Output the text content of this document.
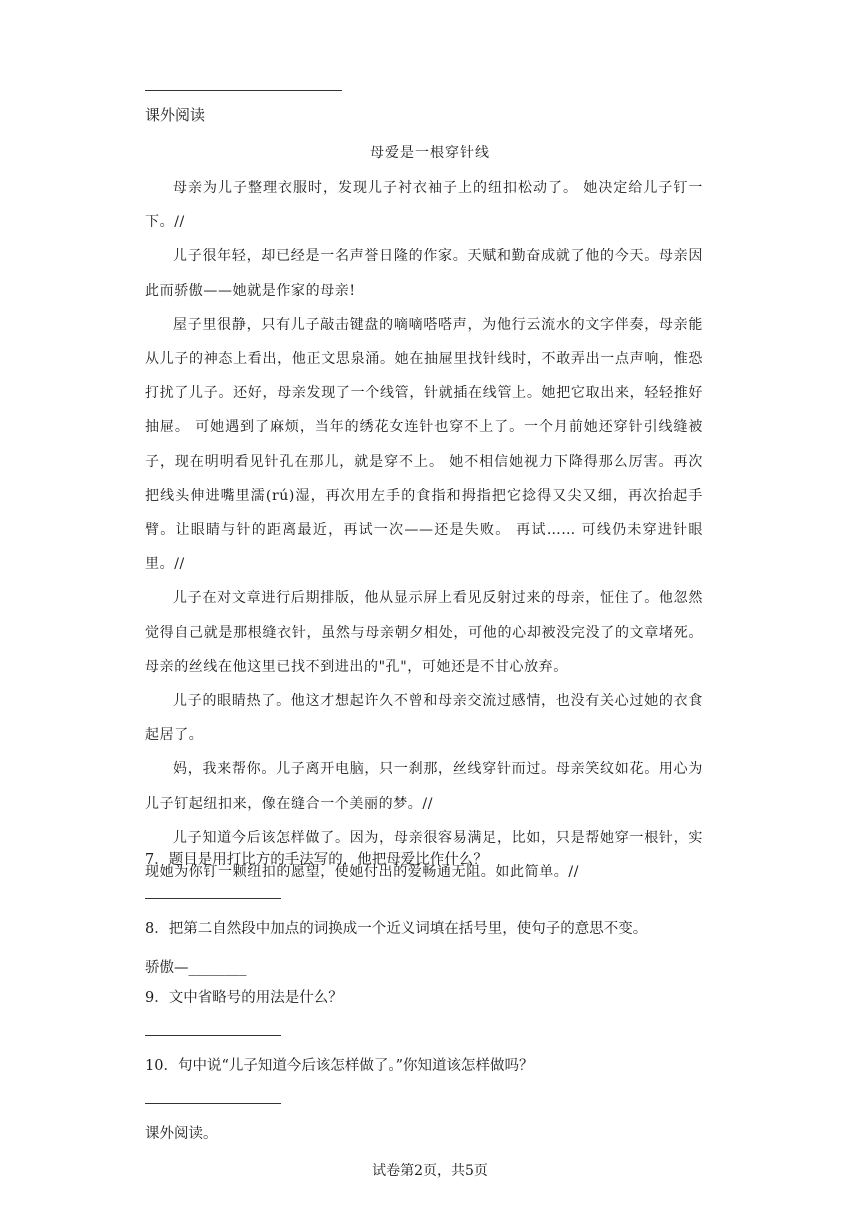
课外阅读
母爱是一根穿针线

母亲为儿子整理衣服时，发现儿子衬衣袖子上的纽扣松动了。 她决定给儿子钉一下。//

儿子很年轻，却已经是一名声誉日隆的作家。天赋和勤奋成就了他的今天。母亲因此而骄傲——她就是作家的母亲!

屋子里很静，只有儿子敲击键盘的嘀嘀嗒嗒声，为他行云流水的文字伴奏，母亲能从儿子的神态上看出，他正文思泉涌。她在抽屉里找针线时，不敢弄出一点声响，惟恐打扰了儿子。还好，母亲发现了一个线管，针就插在线管上。她把它取出来，轻轻推好抽屉。 可她遇到了麻烦，当年的绣花女连针也穿不上了。一个月前她还穿针引线缝被子，现在明明看见针孔在那儿，就是穿不上。 她不相信她视力下降得那么厉害。再次把线头伸进嘴里濡(rú)湿，再次用左手的食指和拇指把它捻得又尖又细，再次抬起手臂。让眼睛与针的距离最近，再试一次——还是失败。 再试…… 可线仍未穿进针眼里。//

儿子在对文章进行后期排版，他从显示屏上看见反射过来的母亲，怔住了。他忽然觉得自己就是那根缝衣针，虽然与母亲朝夕相处，可他的心却被没完没了的文章堵死。母亲的丝线在他这里已找不到进出的"孔"，可她还是不甘心放弃。

儿子的眼睛热了。他这才想起许久不曾和母亲交流过感情，也没有关心过她的衣食起居了。

妈，我来帮你。儿子离开电脑，只一刹那，丝线穿针而过。母亲笑纹如花。用心为儿子钉起纽扣来，像在缝合一个美丽的梦。//

儿子知道今后该怎样做了。因为，母亲很容易满足，比如，只是帮她穿一根针，实现她为你钉一颗纽扣的愿望，使她付出的爱畅通无阻。如此简单。//

7．题目是用打比方的手法写的，他把母爱比作什么？
8．把第二自然段中加点的词换成一个近义词填在括号里，使句子的意思不变。
骄傲—________
9．文中省略号的用法是什么？
10．句中说“儿子知道今后该怎样做了。”你知道该怎样做吗？
课外阅读。
试卷第2页，共5页
